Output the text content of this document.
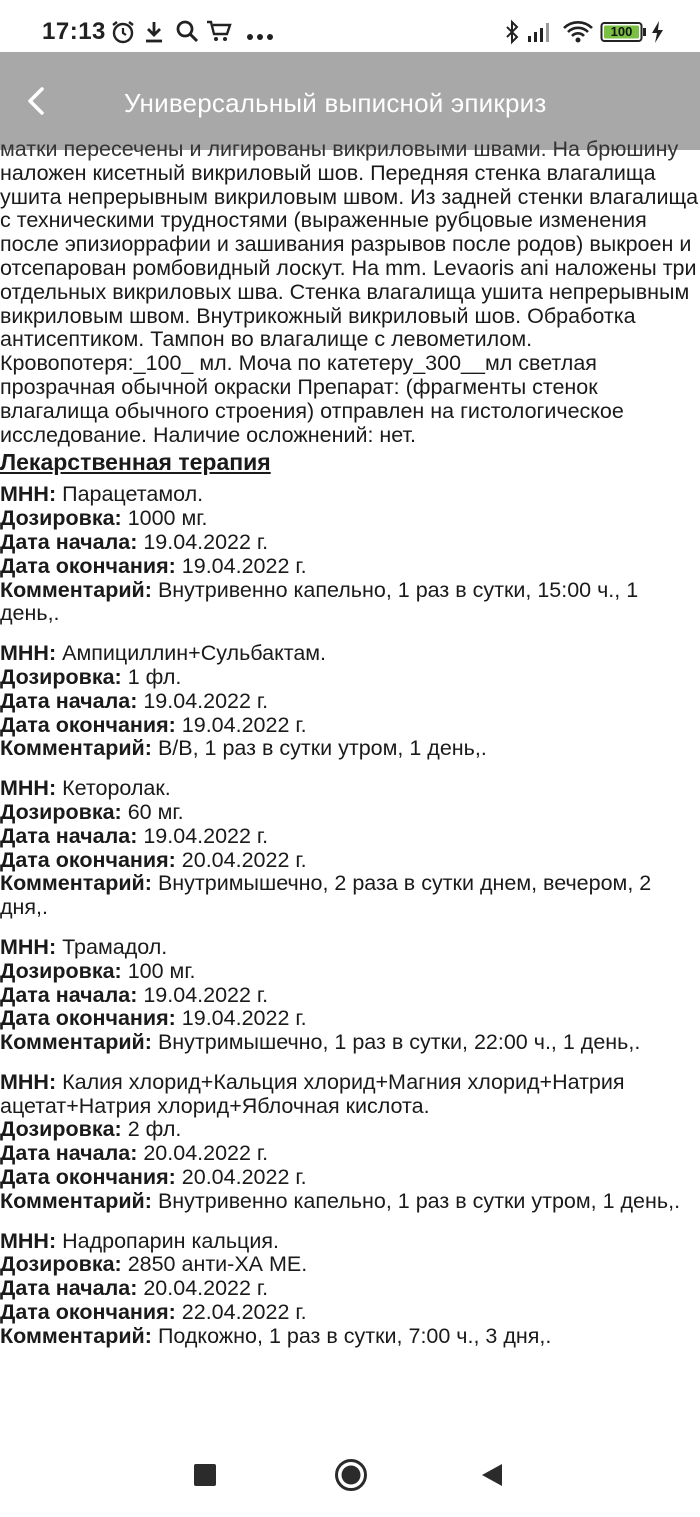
17:13	100
Универсальный выписной эпикриз
матки пересечены и лигированы викриловыми швами. На брюшину

наложен кисетный викриловый шов. Передняя стенка влагалища ушита непрерывным викриловым швом. Из задней стенки влагалища с техническими трудностями (выраженные рубцовые изменения после эпизиоррафии и зашивания разрывов после родов) выкроен и отсепарован ромбовидный лоскут. На mm. Levaoris ani наложены три отдельных викриловых шва. Стенка влагалища ушита непрерывным викриловым швом. Внутрикожный викриловый шов. Обработка антисептиком. Тампон во влагалище с левометилом. Кровопотеря:_100_ мл. Моча по катетеру_300__мл светлая прозрачная обычной окраски Препарат: (фрагменты стенок влагалища обычного строения) отправлен на гистологическое исследование. Наличие осложнений: нет.

Лекарственная терапия

МНН: Парацетамол.

Дозировка: 1000 мг.

Дата начала: 19.04.2022 г.

Дата окончания: 19.04.2022 г.

Комментарий: Внутривенно капельно, 1 раз в сутки, 15:00 ч., 1 день,.

МНН: Ампициллин+Сульбактам.

Дозировка: 1 фл.

Дата начала: 19.04.2022 г.

Дата окончания: 19.04.2022 г.

Комментарий: В/В, 1 раз в сутки утром, 1 день,.

МНН: Кеторолак.

Дозировка: 60 мг.

Дата начала: 19.04.2022 г.

Дата окончания: 20.04.2022 г.

Комментарий: Внутримышечно, 2 раза в сутки днем, вечером, 2 дня,.

МНН: Трамадол.

Дозировка: 100 мг.

Дата начала: 19.04.2022 г.

Дата окончания: 19.04.2022 г.

Комментарий: Внутримышечно, 1 раз в сутки, 22:00 ч., 1 день,.

МНН: Калия хлорид+Кальция хлорид+Магния хлорид+Натрия ацетат+Натрия хлорид+Яблочная кислота.

Дозировка: 2 фл.

Дата начала: 20.04.2022 г.

Дата окончания: 20.04.2022 г.

Комментарий: Внутривенно капельно, 1 раз в сутки утром, 1 день,.

МНН: Надропарин кальция.

Дозировка: 2850 анти-ХА МЕ.

Дата начала: 20.04.2022 г.

Дата окончания: 22.04.2022 г.

Комментарий: Подкожно, 1 раз в сутки, 7:00 ч., 3 дня,.
